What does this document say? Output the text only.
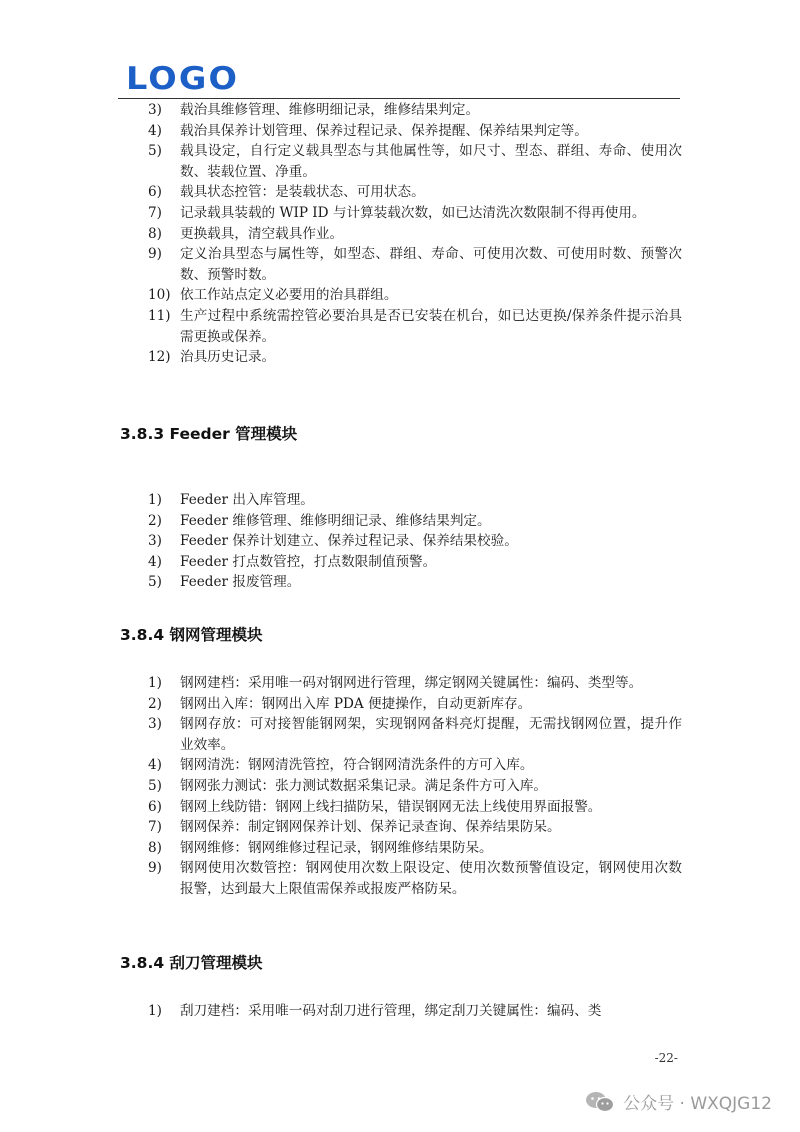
LOGO
3) 载治具维修管理、维修明细记录，维修结果判定。
4) 载治具保养计划管理、保养过程记录、保养提醒、保养结果判定等。
5) 载具设定，自行定义载具型态与其他属性等，如尺寸、型态、群组、寿命、使用次数、装载位置、净重。
6) 载具状态控管：是装载状态、可用状态。
7) 记录载具装载的 WIP ID 与计算装载次数，如已达清洗次数限制不得再使用。
8) 更换载具，清空载具作业。
9) 定义治具型态与属性等，如型态、群组、寿命、可使用次数、可使用时数、预警次数、预警时数。
10) 依工作站点定义必要用的治具群组。
11) 生产过程中系统需控管必要治具是否已安装在机台，如已达更换/保养条件提示治具需更换或保养。
12) 治具历史记录。
3.8.3 Feeder 管理模块
1) Feeder 出入库管理。
2) Feeder 维修管理、维修明细记录、维修结果判定。
3) Feeder 保养计划建立、保养过程记录、保养结果校验。
4) Feeder 打点数管控，打点数限制值预警。
5) Feeder 报废管理。
3.8.4 钢网管理模块
1) 钢网建档：采用唯一码对钢网进行管理，绑定钢网关键属性：编码、类型等。
2) 钢网出入库：钢网出入库 PDA 便捷操作，自动更新库存。
3) 钢网存放：可对接智能钢网架，实现钢网备料亮灯提醒，无需找钢网位置，提升作业效率。
4) 钢网清洗：钢网清洗管控，符合钢网清洗条件的方可入库。
5) 钢网张力测试：张力测试数据采集记录。满足条件方可入库。
6) 钢网上线防错：钢网上线扫描防呆，错误钢网无法上线使用界面报警。
7) 钢网保养：制定钢网保养计划、保养记录查询、保养结果防呆。
8) 钢网维修：钢网维修过程记录，钢网维修结果防呆。
9) 钢网使用次数管控：钢网使用次数上限设定、使用次数预警值设定，钢网使用次数报警，达到最大上限值需保养或报废严格防呆。
3.8.4 刮刀管理模块
1) 刮刀建档：采用唯一码对刮刀进行管理，绑定刮刀关键属性：编码、类
-22-
公众号 · WXQJG12
